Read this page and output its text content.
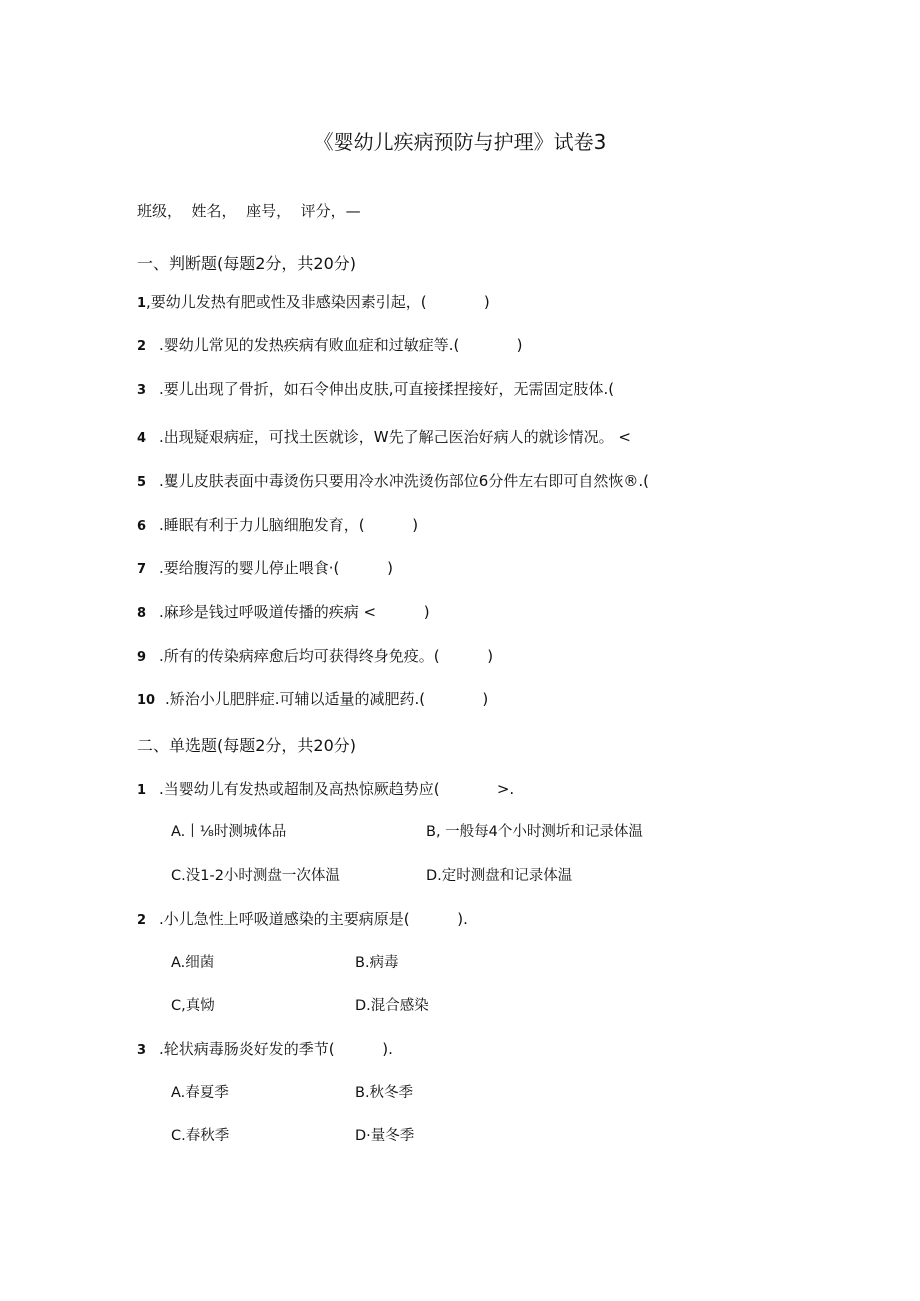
《婴幼儿疾病预防与护理》试卷3
班级，  姓名，  座号，  评分，—
一、判断题(每题2分，共20分)
1 ,要幼儿发热有肥或性及非感染因素引起，(            )
2 .婴幼儿常见的发热疾病有败血症和过敏症等.(            )
3 .要儿出现了骨折，如石令伸出皮肤,可直接揉捏接好，无需固定肢体.(
4 .出现疑艰病症，可找土医就诊，W先了解己医治好病人的就诊情况。 <
5 .矍儿皮肤表面中毒烫伤只要用冷水冲洗烫伤部位6分件左右即可自然恢®.(
6 .睡眠有利于力儿脑细胞发育，(          )
7 .要给腹泻的婴儿停止喂食·(          )
8 .麻珍是钱过呼吸道传播的疾病 <          )
9 .所有的传染病瘁愈后均可获得终身免疫。(          )
10 .矫治小儿肥胖症.可辅以适量的减肥药.(            )
二、单选题(每题2分，共20分)
1 .当婴幼儿有发热或超制及高热惊厥趋势应(            >.
A.丨⅛时测城体品	B, 一般每4个小时测圻和记录体温
C.没1-2小时测盘一次体温	D.定时测盘和记录体温
2 .小儿急性上呼吸道感染的主要病原是(          ).
A.细菌	B.病毒
C,真恸	D.混合感染
3 .轮状病毒肠炎好发的季节(          ).
A.春夏季	B.秋冬季
C.春秋季	D·量冬季
